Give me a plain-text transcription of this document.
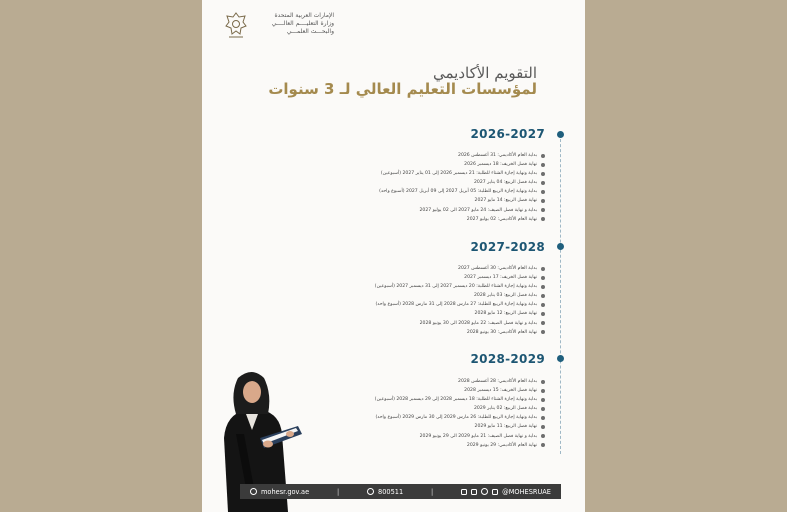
الإمارات العربية المتحدة
وزارة التعليــــم العالــــي
والبحـــث العلمـــي
التقويم الأكاديمي
لمؤسسات التعليم العالي لـ 3 سنوات
2026-2027
بداية العام الأكاديمي: 31 أغسطس 2026
نهاية فصل الخريف: 18 ديسمبر 2026
بداية ونهاية إجازة الشتاء للطلبة: 21 ديسمبر 2026 إلى 01 يناير 2027 (أسبوعين)
بداية فصل الربيع: 04 يناير 2027
بداية ونهاية إجازة الربيع للطلبة: 05 أبريل 2027 إلى 09 أبريل 2027 (أسبوع واحد)
نهاية فصل الربيع: 14 مايو 2027
بداية و نهاية فصل الصيف: 24 مايو 2027 الى 02 يوليو 2027
نهاية العام الأكاديمي: 02 يوليو 2027
2027-2028
بداية العام الأكاديمي: 30 أغسطس 2027
نهاية فصل الخريف: 17 ديسمبر 2027
بداية ونهاية إجازة الشتاء للطلبة: 20 ديسمبر 2027 إلى 31 ديسمبر 2027 (أسبوعين)
بداية فصل الربيع: 03 يناير 2028
بداية ونهاية إجازة الربيع للطلبة: 27 مارس 2028 إلى 31 مارس 2028 (أسبوع واحد)
نهاية فصل الربيع: 12 مايو 2028
بداية و نهاية فصل الصيف: 22 مايو 2028 الى 30 يونيو 2028
نهاية العام الأكاديمي: 30 يونيو 2028
2028-2029
بداية العام الأكاديمي: 28 أغسطس 2028
نهاية فصل الخريف: 15 ديسمبر 2028
بداية ونهاية إجازة الشتاء للطلبة: 18 ديسمبر 2028 إلى 29 ديسمبر 2028 (أسبوعين)
بداية فصل الربيع: 02 يناير 2029
بداية ونهاية إجازة الربيع للطلبة: 26 مارس 2029 إلى 30 مارس 2029 (أسبوع واحد)
نهاية فصل الربيع: 11 مايو 2029
بداية و نهاية فصل الصيف: 21 مايو 2029 الى 29 يونيو 2029
نهاية العام الأكاديمي: 29 يونيو 2029
mohesr.gov.ae	|	800511	|	@MOHESRUAE
